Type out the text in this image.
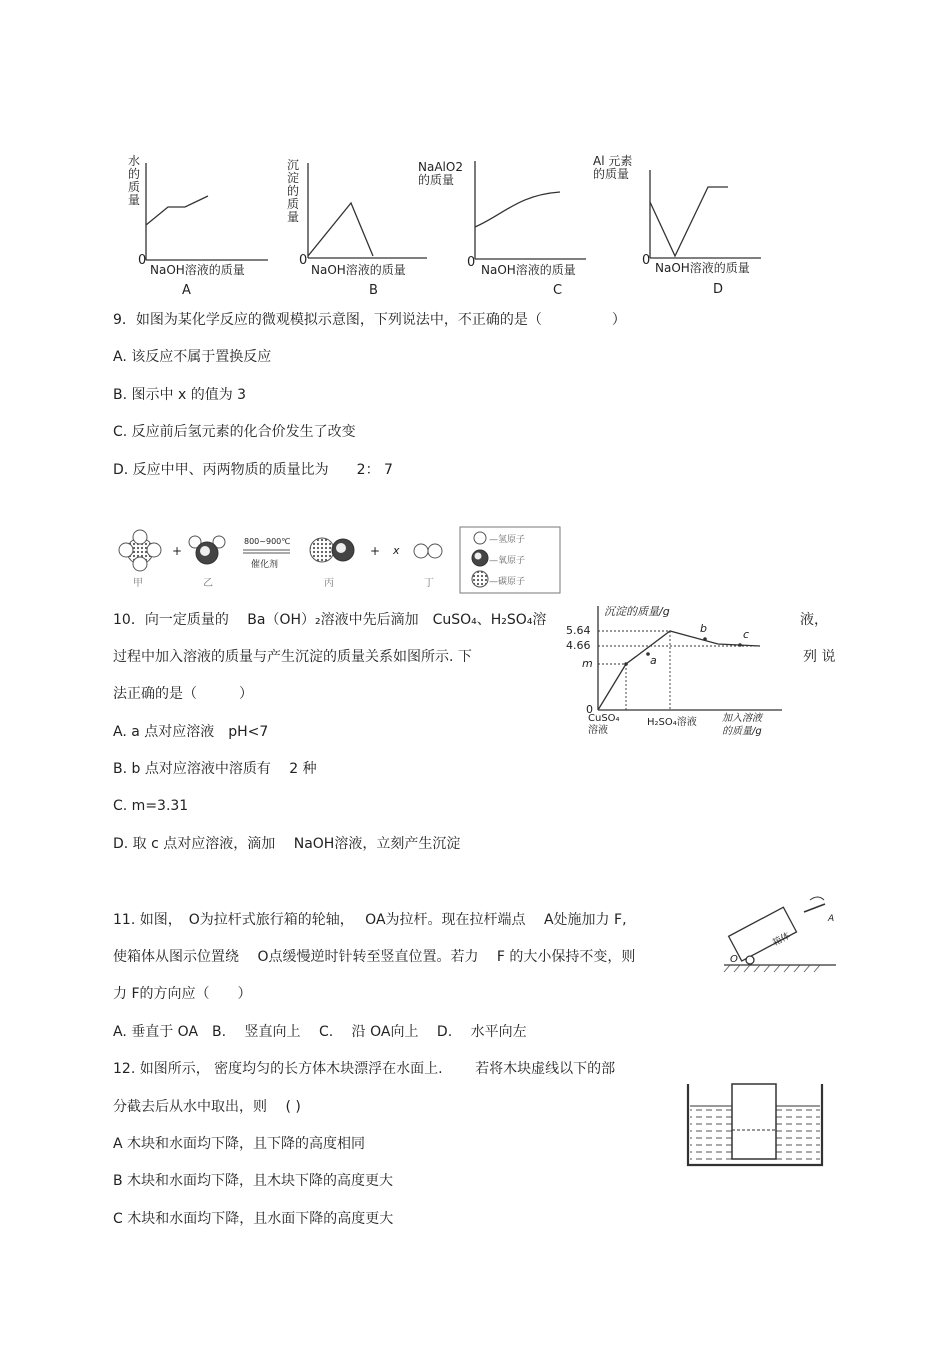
水
的
质
量
0
NaOH溶液的质量
A
沉
淀
的
质
量
0
NaOH溶液的质量
B
NaAlO2
的质量
0 NaOH溶液的质量
C
Al 元素
的质量
0 NaOH溶液的质量
D
9．如图为某化学反应的微观模拟示意图，下列说法中，不正确的是（　　　　　）
A. 该反应不属于置换反应
B. 图示中 x 的值为 3
C. 反应前后氢元素的化合价发生了改变
D. 反应中甲、丙两物质的质量比为　　2： 7
甲
+
乙
800~900℃
催化剂
丙
+ x
丁
—氢原子
—氧原子
—碳原子
10．向一定质量的　 Ba（OH）₂溶液中先后滴加　CuSO₄、H₂SO₄溶	液，
过程中加入溶液的质量与产生沉淀的质量关系如图所示. 下	列 说
法正确的是（　　　）
A. a 点对应溶液　pH<7
B. b 点对应溶液中溶质有　 2 种
C. m=3.31
D. 取 c 点对应溶液，滴加　 NaOH溶液，立刻产生沉淀
沉淀的质量/g
5.64
4.66
m
0
a
b	c
CuSO₄
溶液
H₂SO₄溶液	加入溶液
的质量/g
11. 如图，　O为拉杆式旅行箱的轮轴，　 OA为拉杆。现在拉杆端点　 A处施加力 F,
使箱体从图示位置绕　 O点缓慢逆时针转至竖直位置。若力　 F 的大小保持不变，则
力 F的方向应（　　）
A. 垂直于 OA　B.　 竖直向上　 C.　 沿 OA向上　 D.　 水平向左
箱体
O
A
12. 如图所示， 密度均匀的长方体木块漂浮在水面上.　　 若将木块虚线以下的部
分截去后从水中取出，则　 ( )
A 木块和水面均下降，且下降的高度相同
B 木块和水面均下降，且木块下降的高度更大
C 木块和水面均下降，且水面下降的高度更大
